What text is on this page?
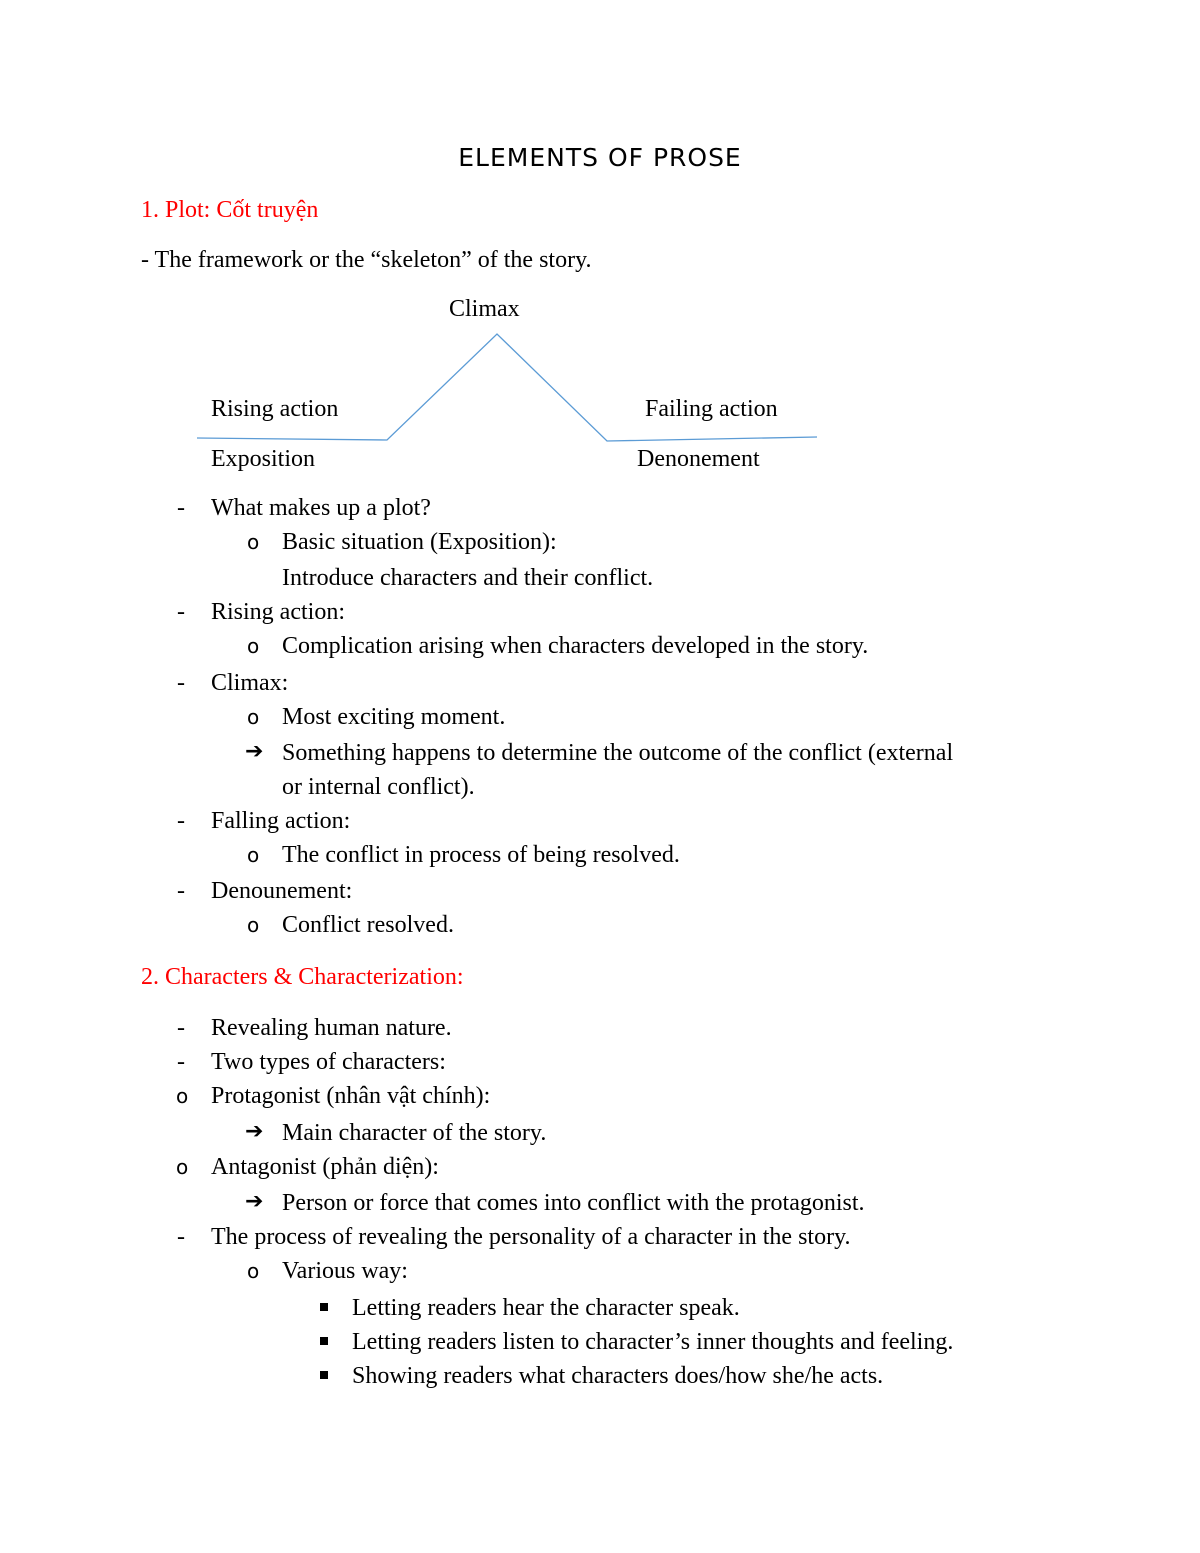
ELEMENTS OF PROSE
1. Plot: Cốt truyện
- The framework or the “skeleton” of the story.
Climax
Rising action	Failing action
Exposition	Denonement
- What makes up a plot?
o Basic situation (Exposition):
Introduce characters and their conflict.
- Rising action:
o Complication arising when characters developed in the story.
- Climax:
o Most exciting moment.
➔ Something happens to determine the outcome of the conflict (external
or internal conflict).
- Falling action:
o The conflict in process of being resolved.
- Denounement:
o Conflict resolved.
2. Characters & Characterization:
- Revealing human nature.
- Two types of characters:
o Protagonist (nhân vật chính):
➔ Main character of the story.
o Antagonist (phản diện):
➔ Person or force that comes into conflict with the protagonist.
- The process of revealing the personality of a character in the story.
o Various way:
Letting readers hear the character speak.
Letting readers listen to character’s inner thoughts and feeling.
Showing readers what characters does/how she/he acts.
